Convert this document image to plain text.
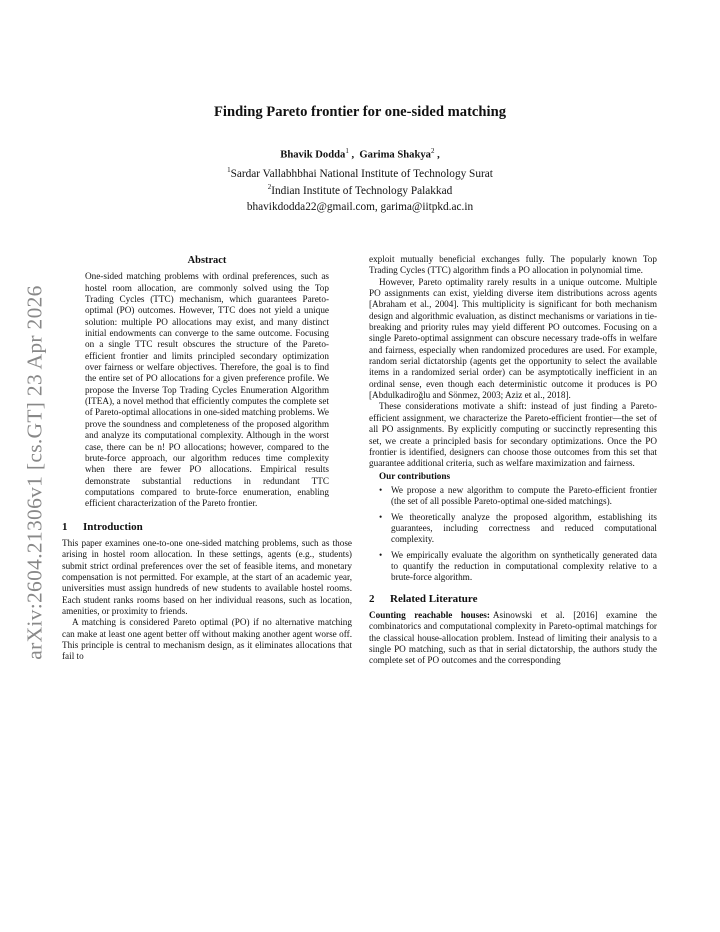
arXiv:2604.21306v1 [cs.GT] 23 Apr 2026
Finding Pareto frontier for one-sided matching
Bhavik Dodda$^1$ ,  Garima Shakya$^2$ ,
$^1$Sardar Vallabhbhai National Institute of Technology Surat
$^2$Indian Institute of Technology Palakkad
bhavikdodda22@gmail.com, garima@iitpkd.ac.in
Abstract

One-sided matching problems with ordinal preferences, such as hostel room allocation, are commonly solved using the Top Trading Cycles (TTC) mechanism, which guarantees Pareto-optimal (PO) outcomes. However, TTC does not yield a unique solution: multiple PO allocations may exist, and many distinct initial endowments can converge to the same outcome. Focusing on a single TTC result obscures the structure of the Pareto-efficient frontier and limits principled secondary optimization over fairness or welfare objectives. Therefore, the goal is to find the entire set of PO allocations for a given preference profile. We propose the Inverse Top Trading Cycles Enumeration Algorithm (ITEA), a novel method that efficiently computes the complete set of Pareto-optimal allocations in one-sided matching problems. We prove the soundness and completeness of the proposed algorithm and analyze its computational complexity. Although in the worst case, there can be n! PO allocations; however, compared to the brute-force approach, our algorithm reduces time complexity when there are fewer PO allocations. Empirical results demonstrate substantial reductions in redundant TTC computations compared to brute-force enumeration, enabling efficient characterization of the Pareto frontier.

1 Introduction

This paper examines one-to-one one-sided matching problems, such as those arising in hostel room allocation. In these settings, agents (e.g., students) submit strict ordinal preferences over the set of feasible items, and monetary compensation is not permitted. For example, at the start of an academic year, universities must assign hundreds of new students to available hostel rooms. Each student ranks rooms based on her individual reasons, such as location, amenities, or proximity to friends.

A matching is considered Pareto optimal (PO) if no alternative matching can make at least one agent better off without making another agent worse off. This principle is central to mechanism design, as it eliminates allocations that fail to

exploit mutually beneficial exchanges fully. The popularly known Top Trading Cycles (TTC) algorithm finds a PO allocation in polynomial time.

However, Pareto optimality rarely results in a unique outcome. Multiple PO assignments can exist, yielding diverse item distributions across agents [Abraham et al., 2004]. This multiplicity is significant for both mechanism design and algorithmic evaluation, as distinct mechanisms or variations in tie-breaking and priority rules may yield different PO outcomes. Focusing on a single Pareto-optimal assignment can obscure necessary trade-offs in welfare and fairness, especially when randomized procedures are used. For example, random serial dictatorship (agents get the opportunity to select the available items in a randomized serial order) can be asymptotically inefficient in an ordinal sense, even though each deterministic outcome it produces is PO [Abdulkadiroğlu and Sönmez, 2003; Aziz et al., 2018].

These considerations motivate a shift: instead of just finding a Pareto-efficient assignment, we characterize the Pareto-efficient frontier—the set of all PO assignments. By explicitly computing or succinctly representing this set, we create a principled basis for secondary optimizations. Once the PO frontier is identified, designers can choose those outcomes from this set that guarantee additional criteria, such as welfare maximization and fairness.

Our contributions
• We propose a new algorithm to compute the Pareto-efficient frontier (the set of all possible Pareto-optimal one-sided matchings).
• We theoretically analyze the proposed algorithm, establishing its guarantees, including correctness and reduced computational complexity.
• We empirically evaluate the algorithm on synthetically generated data to quantify the reduction in computational complexity relative to a brute-force algorithm.
2 Related Literature

Counting reachable houses: Asinowski et al. [2016] examine the combinatorics and computational complexity in Pareto-optimal matchings for the classical house-allocation problem. Instead of limiting their analysis to a single PO matching, such as that in serial dictatorship, the authors study the complete set of PO outcomes and the corresponding
